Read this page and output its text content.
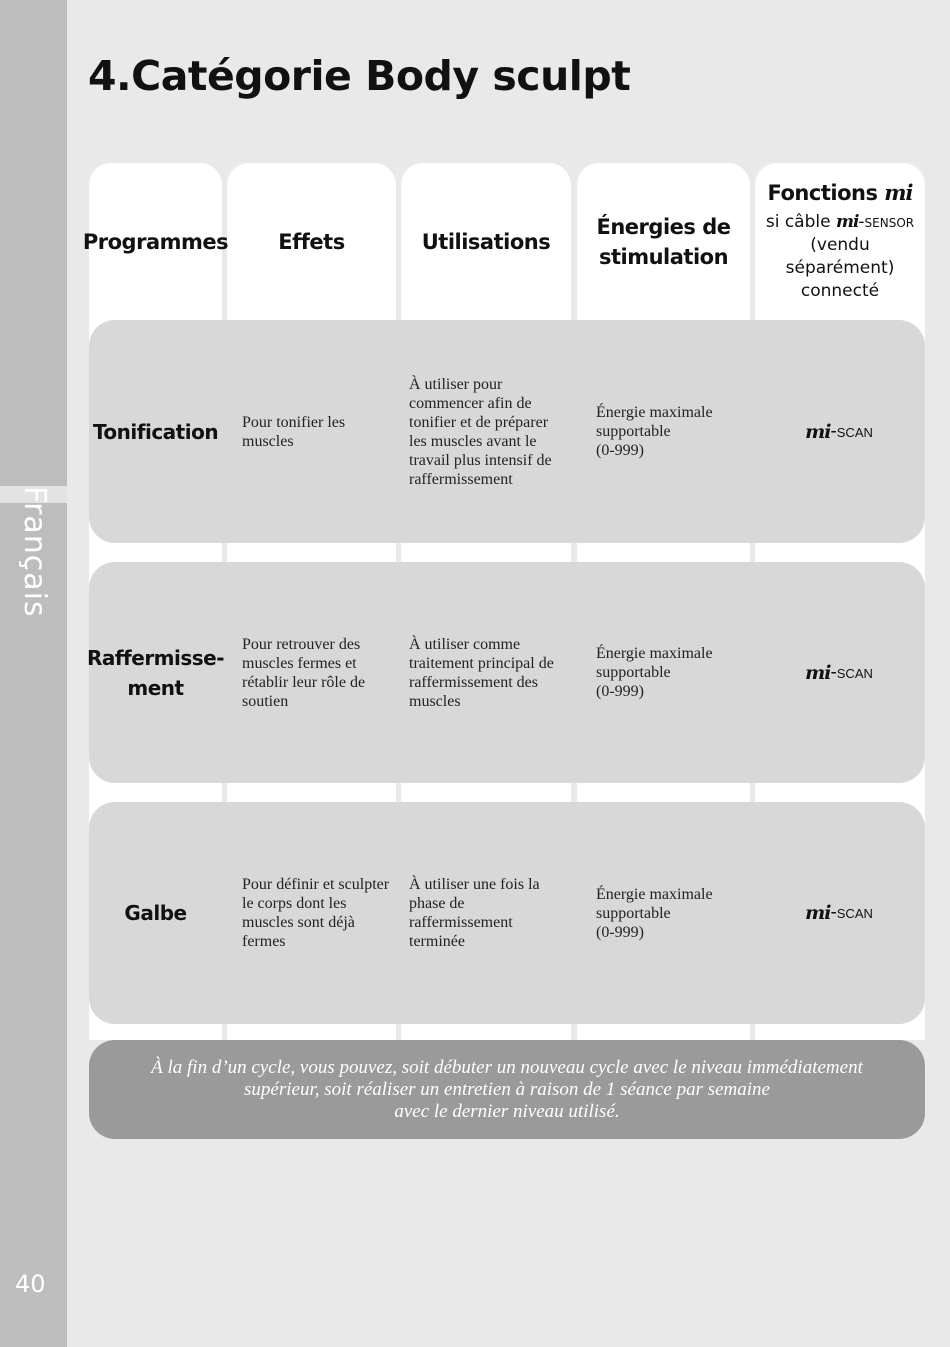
Français
40
4.Catégorie Body sculpt
Programmes Effets	Utilisations
Énergies de stimulation
Fonctions mi
si câble mi-sensor
(vendu
séparément)
connecté
Tonification Pour tonifier les muscles
À utiliser pour commencer afin de tonifier et de préparer les muscles avant le travail plus intensif de raffermissement
Énergie maximale
supportable
(0-999)
mi -scan
Raffermisse-ment
Pour retrouver des muscles fermes et rétablir leur rôle de soutien
À utiliser comme traitement principal de raffermissement des muscles
Énergie maximale
supportable
(0-999)
mi -scan
Galbe
Pour définir et sculpter le corps dont les muscles sont déjà fermes
À utiliser une fois la phase de raffermissement terminée
Énergie maximale
supportable
(0-999)
mi -scan
À la fin d’un cycle, vous pouvez, soit débuter un nouveau cycle avec le niveau immédiatement
supérieur, soit réaliser un entretien à raison de 1 séance par semaine
avec le dernier niveau utilisé.
